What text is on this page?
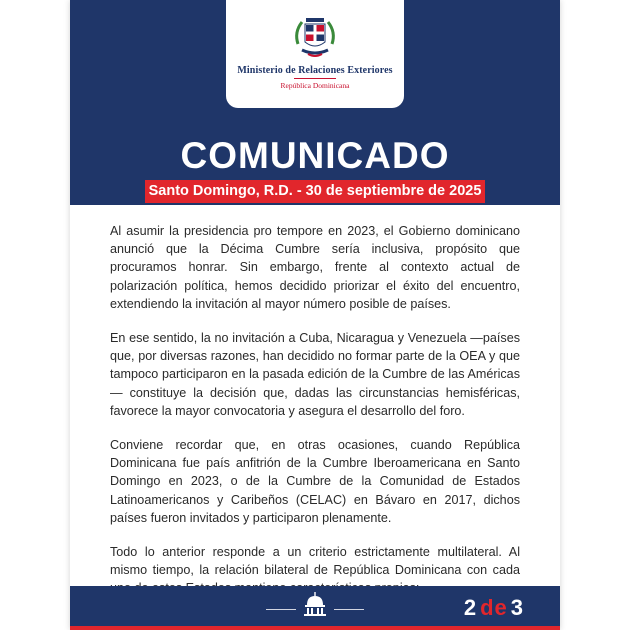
Ministerio de Relaciones Exteriores
República Dominicana
COMUNICADO
Santo Domingo, R.D. - 30 de septiembre de 2025

Al asumir la presidencia pro tempore en 2023, el Gobierno dominicano anunció que la Décima Cumbre sería inclusiva, propósito que procuramos honrar. Sin embargo, frente al contexto actual de polarización política, hemos decidido priorizar el éxito del encuentro, extendiendo la invitación al mayor número posible de países.

En ese sentido, la no invitación a Cuba, Nicaragua y Venezuela —países que, por diversas razones, han decidido no formar parte de la OEA y que tampoco participaron en la pasada edición de la Cumbre de las Américas— constituye la decisión que, dadas las circunstancias hemisféricas, favorece la mayor convocatoria y asegura el desarrollo del foro.

Conviene recordar que, en otras ocasiones, cuando República Dominicana fue país anfitrión de la Cumbre Iberoamericana en Santo Domingo en 2023, o de la Cumbre de la Comunidad de Estados Latinoamericanos y Caribeños (CELAC) en Bávaro en 2017, dichos países fueron invitados y participaron plenamente.

Todo lo anterior responde a un criterio estrictamente multilateral. Al mismo tiempo, la relación bilateral de República Dominicana con cada

2 de 3
